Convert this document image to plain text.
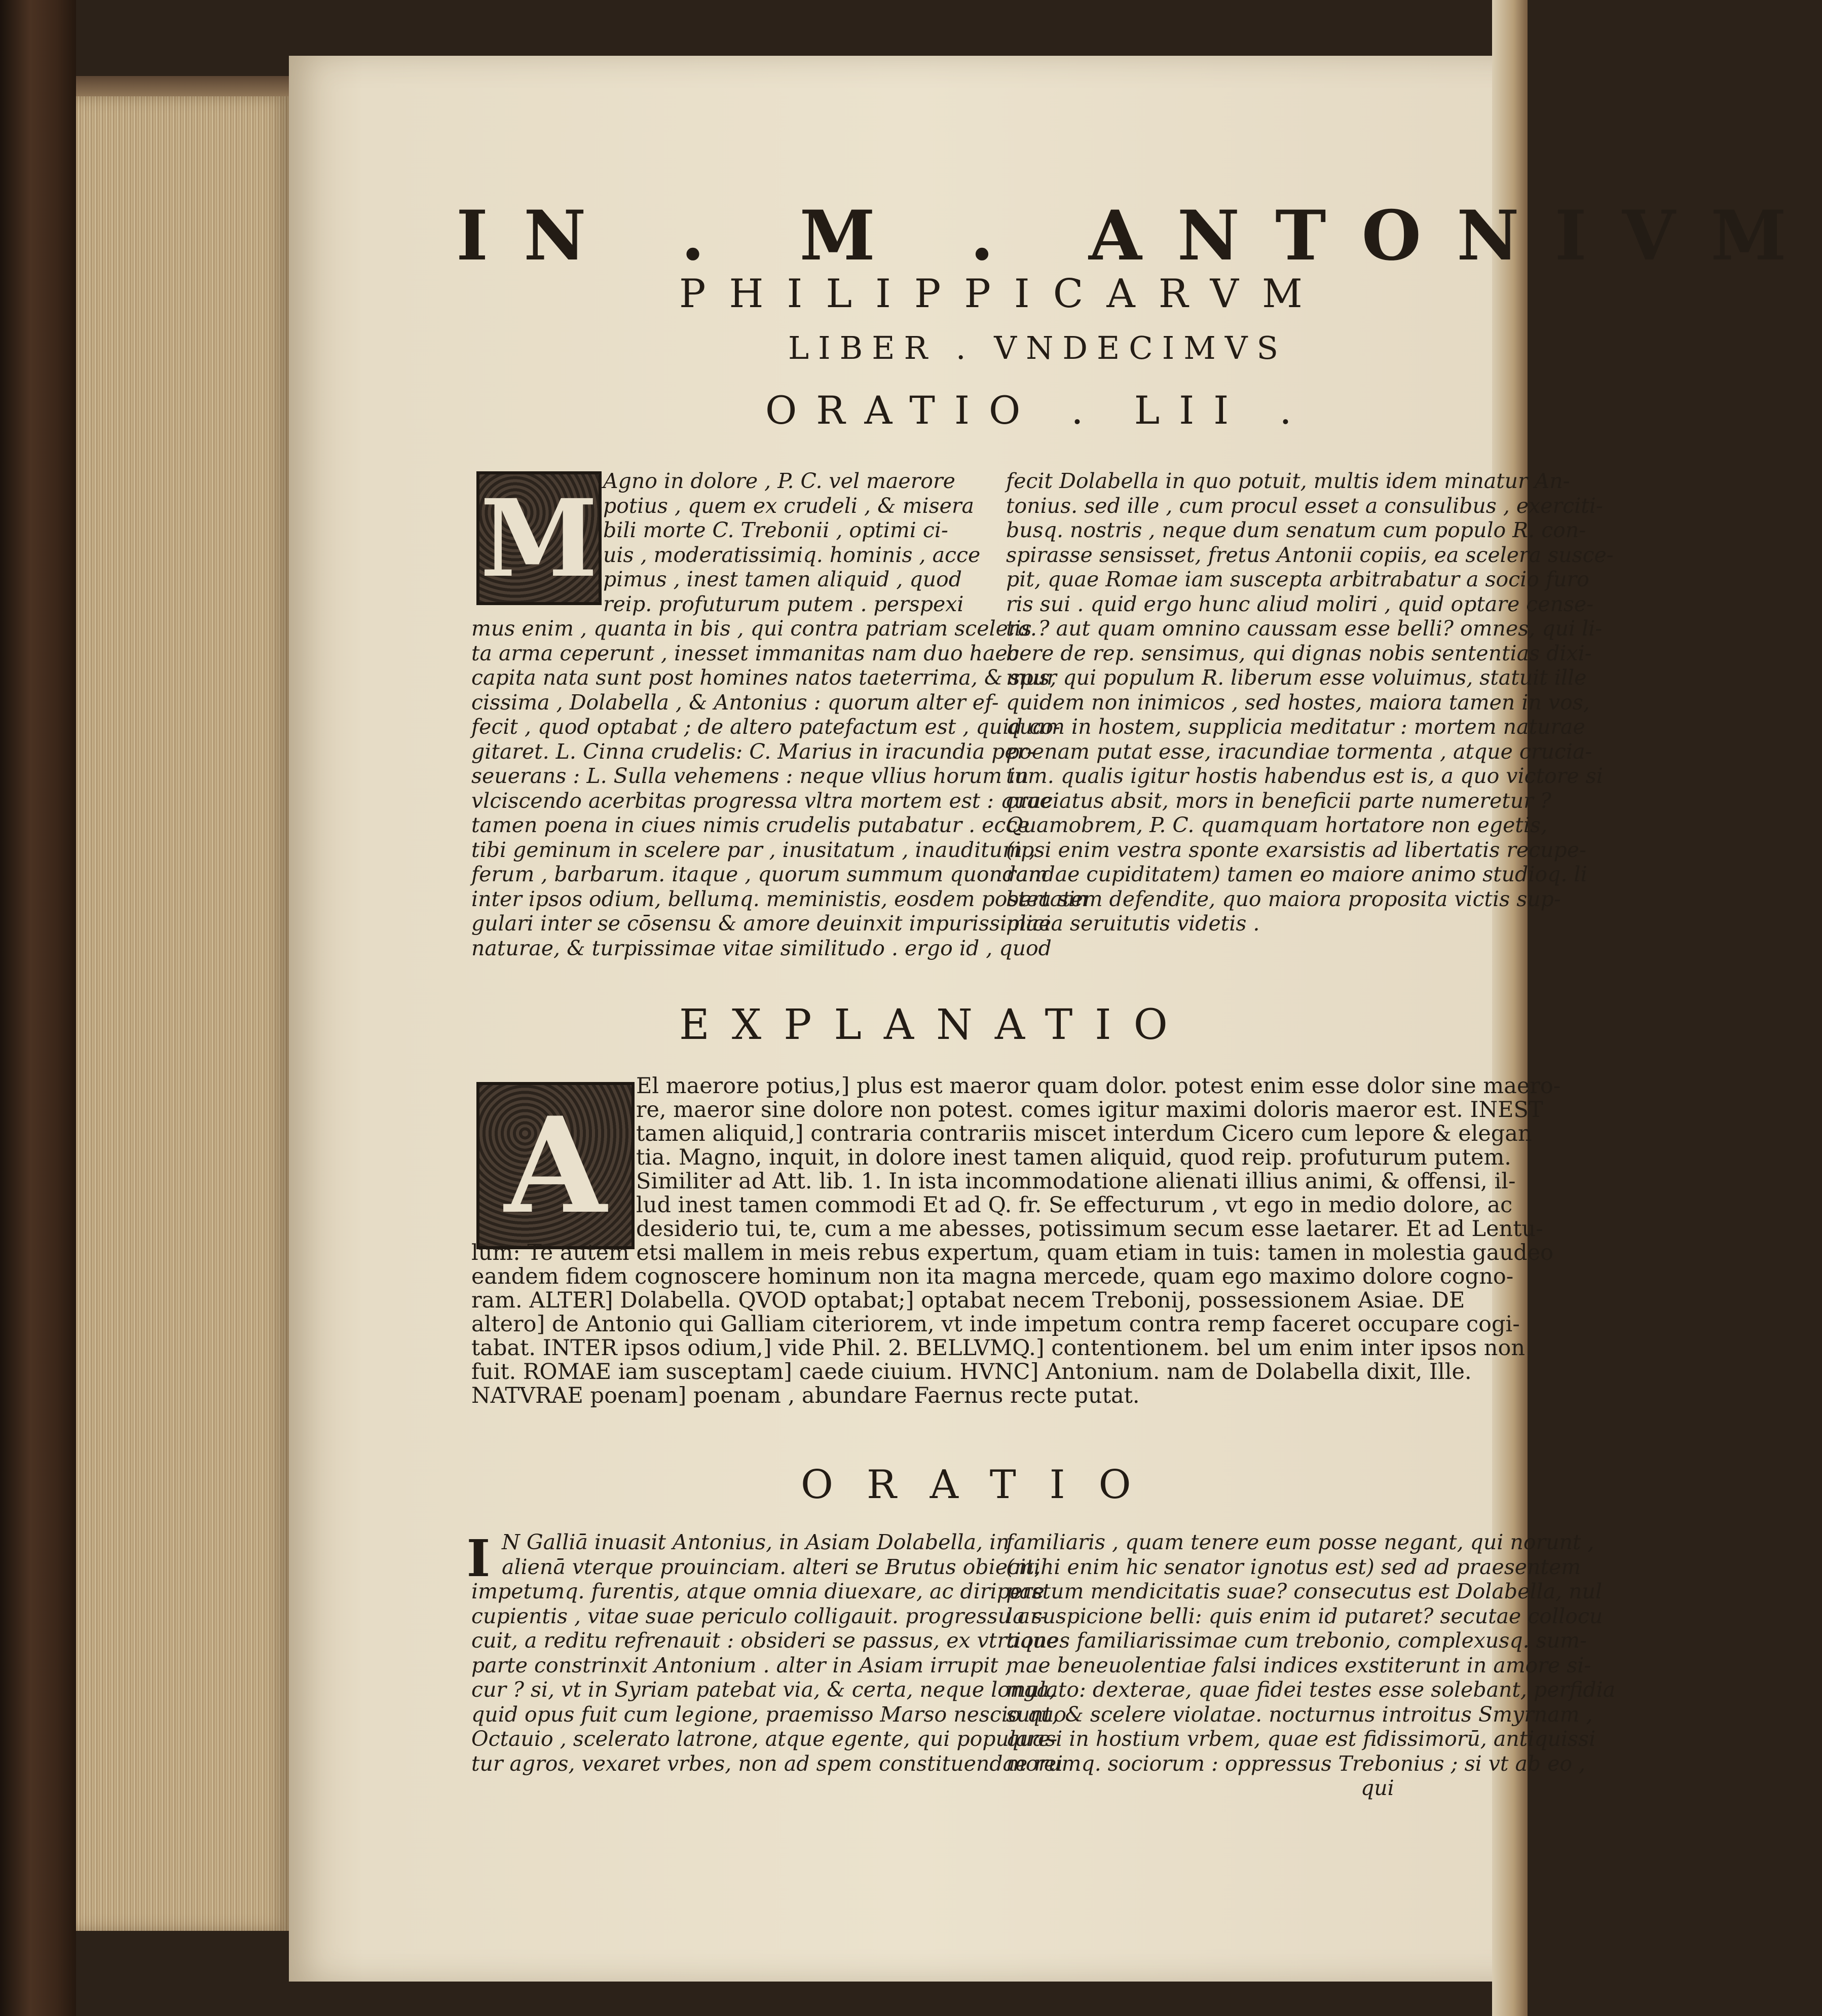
IN . M . ANTONIVM
PHILIPPICARVM
LIBER . VNDECIMVS
ORATIO . LII .
M Agno in dolore , P. C. vel maerore
potius , quem ex crudeli , & misera
bili morte C. Trebonii , optimi ci-
uis , moderatissimiq. hominis , acce
pimus , inest tamen aliquid , quod
reip. profuturum putem . perspexi
mus enim , quanta in bis , qui contra patriam scelera.
ta arma ceperunt , inesset immanitas nam duo haec
capita nata sunt post homines natos taeterrima, & spur
cissima , Dolabella , & Antonius : quorum alter ef-
fecit , quod optabat ; de altero patefactum est , quid co-
gitaret. L. Cinna crudelis: C. Marius in iracundia per-
seuerans : L. Sulla vehemens : neque vllius horum in
vlciscendo acerbitas progressa vltra mortem est : quae
tamen poena in ciues nimis crudelis putabatur . ecce
tibi geminum in scelere par , inusitatum , inauditum ,
ferum , barbarum. itaque , quorum summum quondam
inter ipsos odium, bellumq. meministis, eosdem postea sin
gulari inter se cōsensu & amore deuinxit impurissimae
naturae, & turpissimae vitae similitudo . ergo id , quod
fecit Dolabella in quo potuit, multis idem minatur An-
tonius. sed ille , cum procul esset a consulibus , exerciti-
busq. nostris , neque dum senatum cum populo R. con-
spirasse sensisset, fretus Antonii copiis, ea scelera susce-
pit, quae Romae iam susceptа arbitrabatur a socio furo
ris sui . quid ergo hunc aliud moliri , quid optare cense-
tis ? aut quam omnino caussam esse belli? omnes, qui li-
bere de rep. sensimus, qui dignas nobis sententias dixi-
mus, qui populum R. liberum esse voluimus, statuit ille
quidem non inimicos , sed hostes, maiora tamen in vos,
quam in hostem, supplicia meditatur : mortem naturae
poenam putat esse, iracundiae tormenta , atque crucia-
tum. qualis igitur hostis habendus est is, a quo victore si
cruciatus absit, mors in beneficii parte numeretur ?
Quamobrem, P. C. quamquam hortatore non egetis,
(ipsi enim vestra sponte exarsistis ad libertatis recupe-
randae cupiditatem) tamen eo maiore animo studioq. li
bertatem defendite, quo maiora proposita victis sup-
plicia seruitutis videtis .
EXPLANATIO
A
El maerore potius,] plus est maeror quam dolor. potest enim esse dolor sine maero-
re, maeror sine dolore non potest. comes igitur maximi doloris maeror est. INEST
tamen aliquid,] contraria contrariis miscet interdum Cicero cum lepore & elegan
tia. Magno, inquit, in dolore inest tamen aliquid, quod reip. profuturum putem.
Similiter ad Att. lib. 1. In ista incommodatione alienati illius animi, & offensi, il-
lud inest tamen commodi Et ad Q. fr. Se effecturum , vt ego in medio dolore, ac
desiderio tui, te, cum a me abesses, potissimum secum esse laetarer. Et ad Lentu-
lum: Te autem etsi mallem in meis rebus expertum, quam etiam in tuis: tamen in molestia gaudeo
eandem fidem cognoscere hominum non ita magna mercede, quam ego maximo dolore cogno-
ram. ALTER] Dolabella. QVOD optabat;] optabat necem Trebonij, possessionem Asiae. DE
altero] de Antonio qui Galliam citeriorem, vt inde impetum contra remp faceret occupare cogi-
tabat. INTER ipsos odium,] vide Phil. 2. BELLVMQ.] contentionem. bel um enim inter ipsos non
fuit. ROMAE iam susceptam] caede ciuium. HVNC] Antonium. nam de Dolabella dixit, Ille.
NATVRAE poenam] poenam , abundare Faernus recte putat.
ORATIO
I N Galliā inuasit Antonius, in Asiam Dolabella, in
alienā vterque prouinciam. alteri se Brutus obiecit,
impetumq. furentis, atque omnia diuexare, ac diripere
cupientis , vitae suae periculo colligauit. progressu ar-
cuit, a reditu refrenauit : obsideri se passus, ex vtraque
parte constrinxit Antonium . alter in Asiam irrupit ,
cur ? si, vt in Syriam patebat via, & certa, neque longa,
quid opus fuit cum legione, praemisso Marso nescio quo
Octauio , scelerato latrone, atque egente, qui populare-
tur agros, vexaret vrbes, non ad spem constituendae rei
familiaris , quam tenere eum posse negant, qui norunt ,
(mihi enim hic senator ignotus est) sed ad praesentem
pastum mendicitatis suae? consecutus est Dolabella, nul
la suspicione belli: quis enim id putaret? secutae collocu
tiones familiarissimae cum trebonio, complexusq. sum-
mae beneuolentiae falsi indices exstiterunt in amore si-
mulato: dexterae, quae fidei testes esse solebant, perfidia
sunt, & scelere violatae. nocturnus introitus Smyrnam ,
quasi in hostium vrbem, quae est fidissimorū, antiquissi
morumq. sociorum : oppressus Trebonius ; si vt ab eo ,
qui
